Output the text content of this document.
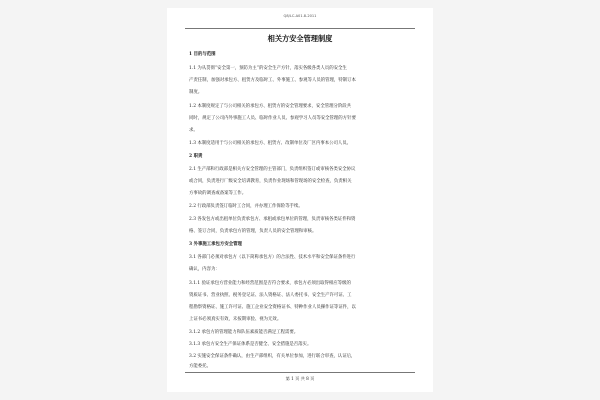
Q8/LC-A01.8-2011
相关方安全管理制度
1 目的与范围
1.1 为从贯彻“安全第一，预防为主”的安全生产方针，落实各级各类人员的安全生
产责任制，加强对承包方、租赁方及临时工、外事施工、参观等人员的管理，特制订本
制度。
1.2 本制度规定了与公司相关的承包方、租赁方的安全管理要求，安全管理分阶段共
同时，规定了公司内外事施工人员、临时作业人员、参观学习人员等安全管理的方针要
求。
1.3 本制度适用于与公司相关的承包方、租赁方、改制单位及厂区内事本公司人员。
2 职责
2.1 生产部和行政部是相关方安全管理的主管部门，负责组织签订或审核各类安全协议
或合同，负责进行厂级安全培训教育，负责作业现场和管现场的安全检查，负责相关
方事故的调查或备案等工作。
2.2 行政部负责签订临时工合同，并办理工作保险等手续。
2.3 各发包方或出租单位负责承包方、承租或承包单位的管理，负责审核各类证件和资
格、签订合同，负责承包方的管理，负责人员的安全管理和审核。
3 外事施工承包方安全管理
3.1 各部门必须对承包方（以下简称承包方）的合法性、技术水平和安全保证条件进行
确认，内容为：
3.1.1 验证承包方营业能力和经营范围是否符合要求，承包方必须出取得相应等级的
资质证书、营业执照、税务登记证、法人资格证、法人委托书、安全生产许可证、工
程勘察资格证、施工许可证、施工企业安全资格证书、特种作业人员操作证等证件，以
上证书必须真实有效，未按期审验、视为无效。
3.1.2 承包方的管理能力和队伍素质能否满足工程需要。
3.1.3 承包方安全生产保证体系是否健全、安全措施是否落实。
3.2 实施安全保证条件确认，由生产部组织，有关单位参加，进行联合审查，认证后，
方能委托。
第 1 页 共 8 页
